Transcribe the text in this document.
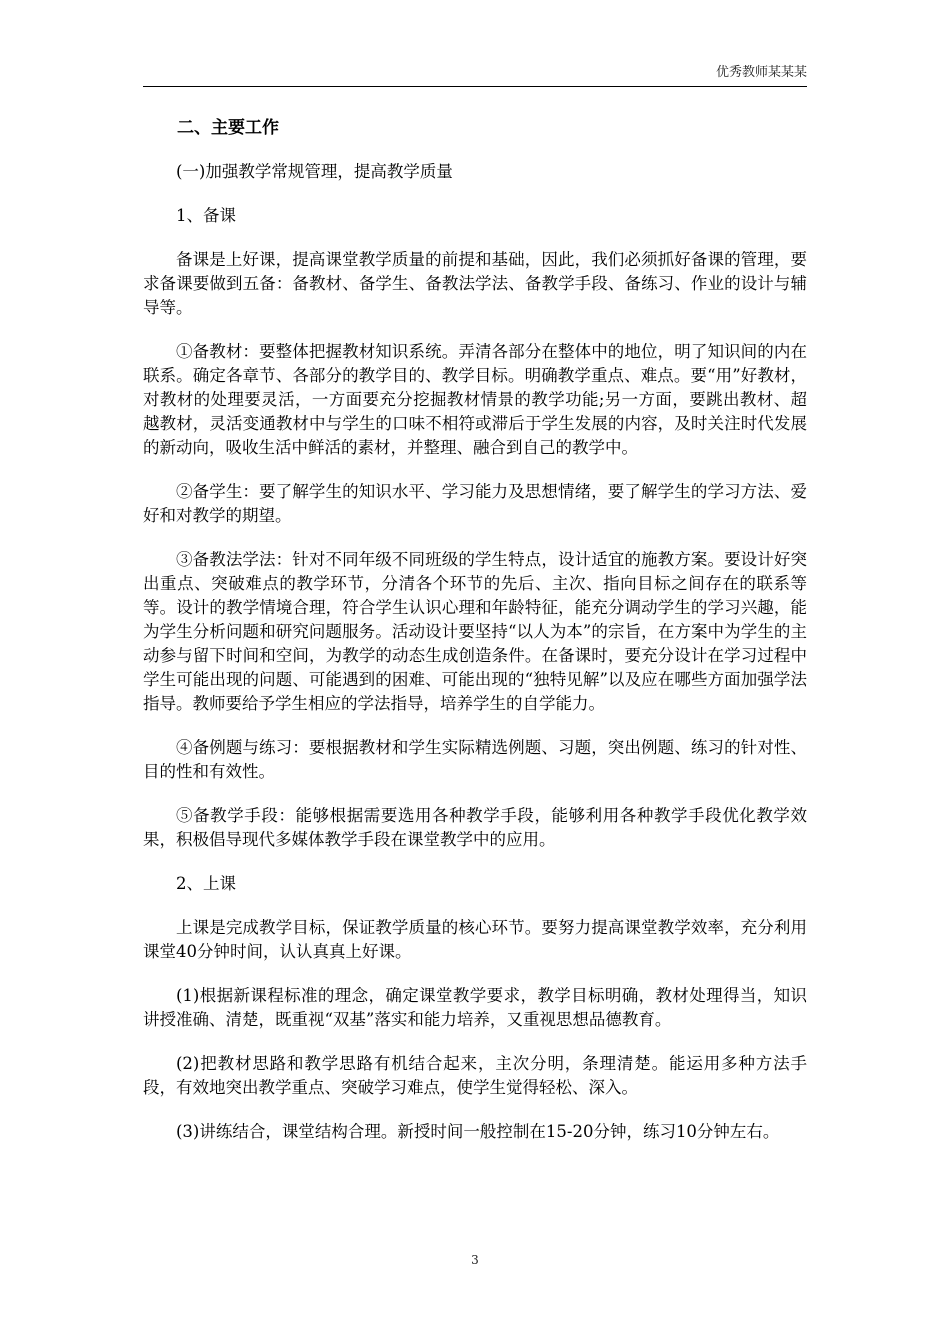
优秀教师某某某
二、主要工作

(一)加强教学常规管理，提高教学质量

1、备课

备课是上好课，提高课堂教学质量的前提和基础，因此，我们必须抓好备课的管理，要求备课要做到五备：备教材、备学生、备教法学法、备教学手段、备练习、作业的设计与辅导等。

①备教材：要整体把握教材知识系统。弄清各部分在整体中的地位，明了知识间的内在联系。确定各章节、各部分的教学目的、教学目标。明确教学重点、难点。要“用”好教材，对教材的处理要灵活，一方面要充分挖掘教材情景的教学功能;另一方面，要跳出教材、超越教材，灵活变通教材中与学生的口味不相符或滞后于学生发展的内容，及时关注时代发展的新动向，吸收生活中鲜活的素材，并整理、融合到自己的教学中。

②备学生：要了解学生的知识水平、学习能力及思想情绪，要了解学生的学习方法、爱好和对教学的期望。

③备教法学法：针对不同年级不同班级的学生特点，设计适宜的施教方案。要设计好突出重点、突破难点的教学环节，分清各个环节的先后、主次、指向目标之间存在的联系等等。设计的教学情境合理，符合学生认识心理和年龄特征，能充分调动学生的学习兴趣，能为学生分析问题和研究问题服务。活动设计要坚持“以人为本”的宗旨，在方案中为学生的主动参与留下时间和空间，为教学的动态生成创造条件。在备课时，要充分设计在学习过程中学生可能出现的问题、可能遇到的困难、可能出现的“独特见解”以及应在哪些方面加强学法指导。教师要给予学生相应的学法指导，培养学生的自学能力。

④备例题与练习：要根据教材和学生实际精选例题、习题，突出例题、练习的针对性、目的性和有效性。

⑤备教学手段：能够根据需要选用各种教学手段，能够利用各种教学手段优化教学效果，积极倡导现代多媒体教学手段在课堂教学中的应用。

2、上课

上课是完成教学目标，保证教学质量的核心环节。要努力提高课堂教学效率，充分利用课堂40分钟时间，认认真真上好课。

(1)根据新课程标准的理念，确定课堂教学要求，教学目标明确，教材处理得当，知识讲授准确、清楚，既重视“双基”落实和能力培养，又重视思想品德教育。

(2)把教材思路和教学思路有机结合起来，主次分明，条理清楚。能运用多种方法手段，有效地突出教学重点、突破学习难点，使学生觉得轻松、深入。

(3)讲练结合，课堂结构合理。新授时间一般控制在15-20分钟，练习10分钟左右。

3
